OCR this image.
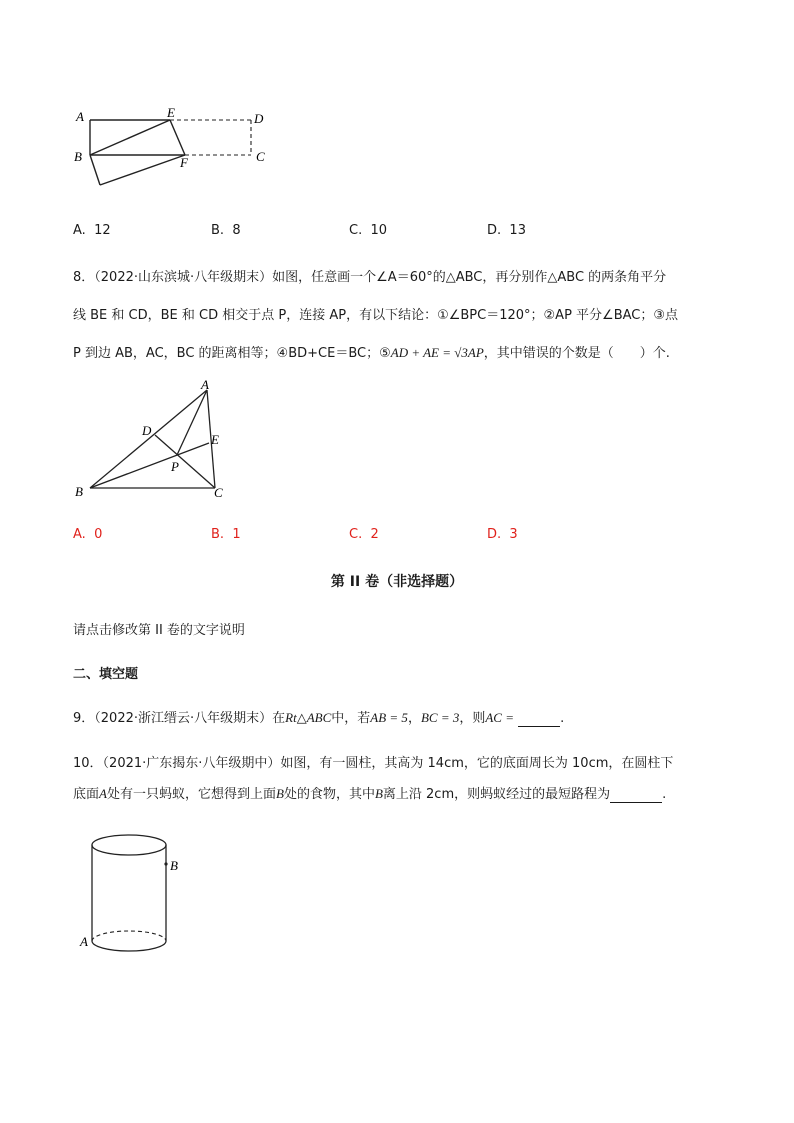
A	E	D
B	F	C
A. 12	B. 8	C. 10	D. 13
8．（2022·山东滨城·八年级期末）如图，任意画一个∠A＝60°的△ABC，再分别作△ABC 的两条角平分
线 BE 和 CD，BE 和 CD 相交于点 P，连接 AP，有以下结论：①∠BPC＝120°；②AP 平分∠BAC；③点
P 到边 AB，AC，BC 的距离相等；④BD+CE＝BC；⑤AD + AE = √3AP，其中错误的个数是（　　）个.
A
D
E
P
B	C
A. 0	B. 1	C. 2	D. 3
第 II 卷（非选择题）
请点击修改第 II 卷的文字说明
二、填空题
9．（2022·浙江缙云·八年级期末）在Rt△ABC中，若AB = 5，BC = 3，则AC =	.
10．（2021·广东揭东·八年级期中）如图，有一圆柱，其高为 14cm，它的底面周长为 10cm，在圆柱下
底面A处有一只蚂蚁，它想得到上面B处的食物，其中B离上沿 2cm，则蚂蚁经过的最短路程为	.
B
A
